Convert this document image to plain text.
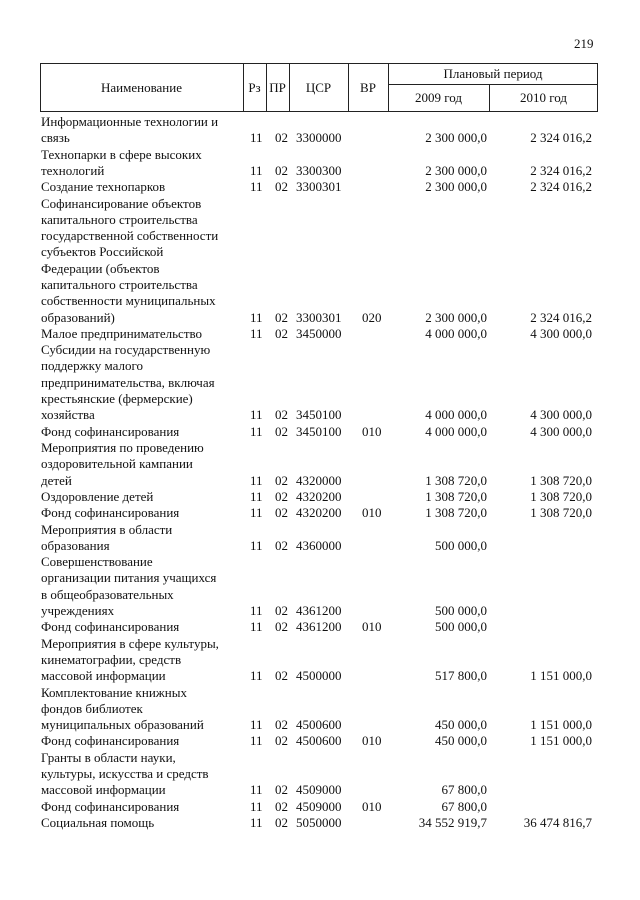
219
Наименование	Рз ПР	ЦСР	ВР
Плановый период
2009 год	2010 год
Информационные технологии и
связь	11 02 3300000	2 300 000,0	2 324 016,2
Технопарки в сфере высоких
технологий	11 02 3300300	2 300 000,0	2 324 016,2
Создание технопарков	11 02 3300301	2 300 000,0	2 324 016,2
Софинансирование объектов
капитального строительства
государственной собственности
субъектов Российской
Федерации (объектов
капитального строительства
собственности муниципальных
образований)	11 02 3300301 020	2 300 000,0	2 324 016,2
Малое предпринимательство	11 02 3450000	4 000 000,0	4 300 000,0
Субсидии на государственную
поддержку малого
предпринимательства, включая
крестьянские (фермерские)
хозяйства	11 02 3450100	4 000 000,0	4 300 000,0
Фонд софинансирования	11 02 3450100 010	4 000 000,0	4 300 000,0
Мероприятия по проведению
оздоровительной кампании
детей	11 02 4320000	1 308 720,0	1 308 720,0
Оздоровление детей	11 02 4320200	1 308 720,0	1 308 720,0
Фонд софинансирования	11 02 4320200 010	1 308 720,0	1 308 720,0
Мероприятия в области
образования	11 02 4360000	500 000,0
Совершенствование
организации питания учащихся
в общеобразовательных
учреждениях	11 02 4361200	500 000,0
Фонд софинансирования	11 02 4361200 010	500 000,0
Мероприятия в сфере культуры,
кинематографии, средств
массовой информации	11 02 4500000	517 800,0	1 151 000,0
Комплектование книжных
фондов библиотек
муниципальных образований	11 02 4500600	450 000,0	1 151 000,0
Фонд софинансирования	11 02 4500600 010	450 000,0	1 151 000,0
Гранты в области науки,
культуры, искусства и средств
массовой информации	11 02 4509000	67 800,0
Фонд софинансирования	11 02 4509000 010	67 800,0
Социальная помощь	11 02 5050000	34 552 919,7	36 474 816,7
